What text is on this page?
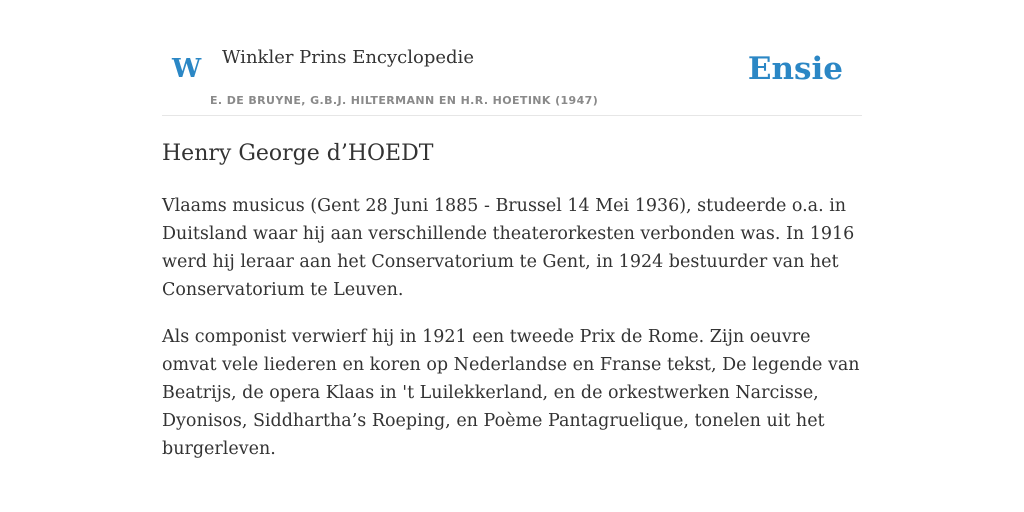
W Winkler Prins Encyclopedie
E. DE BRUYNE, G.B.J. HILTERMANN EN H.R. HOETINK (1947)
Ensie
Henry George d’HOEDT

Vlaams musicus (Gent 28 Juni 1885 - Brussel 14 Mei 1936), studeerde o.a. in Duitsland waar hij aan verschillende theaterorkesten verbonden was. In 1916 werd hij leraar aan het Conservatorium te Gent, in 1924 bestuurder van het Conservatorium te Leuven.

Als componist verwierf hij in 1921 een tweede Prix de Rome. Zijn oeuvre omvat vele liederen en koren op Nederlandse en Franse tekst, De legende van Beatrijs, de opera Klaas in 't Luilekkerland, en de orkestwerken Narcisse, Dyonisos, Siddhartha’s Roeping, en Poème Pantagruelique, tonelen uit het burgerleven.
